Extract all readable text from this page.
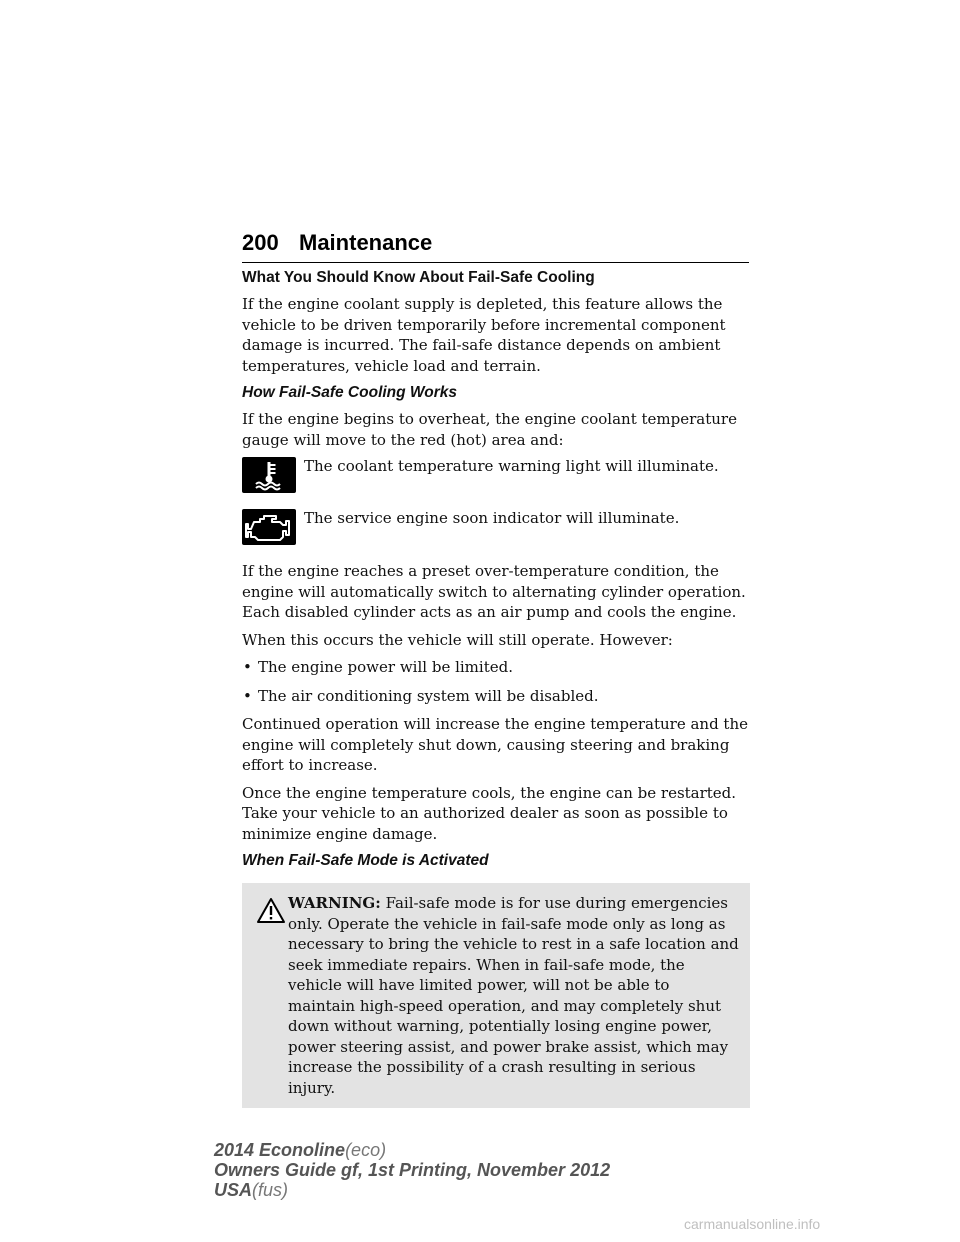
200 Maintenance
What You Should Know About Fail-Safe Cooling
If the engine coolant supply is depleted, this feature allows the vehicle to be driven temporarily before incremental component damage is incurred. The fail-safe distance depends on ambient temperatures, vehicle load and terrain.
How Fail-Safe Cooling Works
If the engine begins to overheat, the engine coolant temperature gauge will move to the red (hot) area and:
The coolant temperature warning light will illuminate.
The service engine soon indicator will illuminate.
If the engine reaches a preset over-temperature condition, the engine will automatically switch to alternating cylinder operation. Each disabled cylinder acts as an air pump and cools the engine.
When this occurs the vehicle will still operate. However:
• The engine power will be limited.
• The air conditioning system will be disabled.
Continued operation will increase the engine temperature and the engine will completely shut down, causing steering and braking effort to increase.
Once the engine temperature cools, the engine can be restarted. Take your vehicle to an authorized dealer as soon as possible to minimize engine damage.
When Fail-Safe Mode is Activated
WARNING: Fail-safe mode is for use during emergencies only. Operate the vehicle in fail-safe mode only as long as necessary to bring the vehicle to rest in a safe location and seek immediate repairs. When in fail-safe mode, the vehicle will have limited power, will not be able to maintain high-speed operation, and may completely shut down without warning, potentially losing engine power, power steering assist, and power brake assist, which may increase the possibility of a crash resulting in serious injury.
2014 Econoline(eco)
Owners Guide gf, 1st Printing, November 2012
USA(fus)
carmanualsonline.info
